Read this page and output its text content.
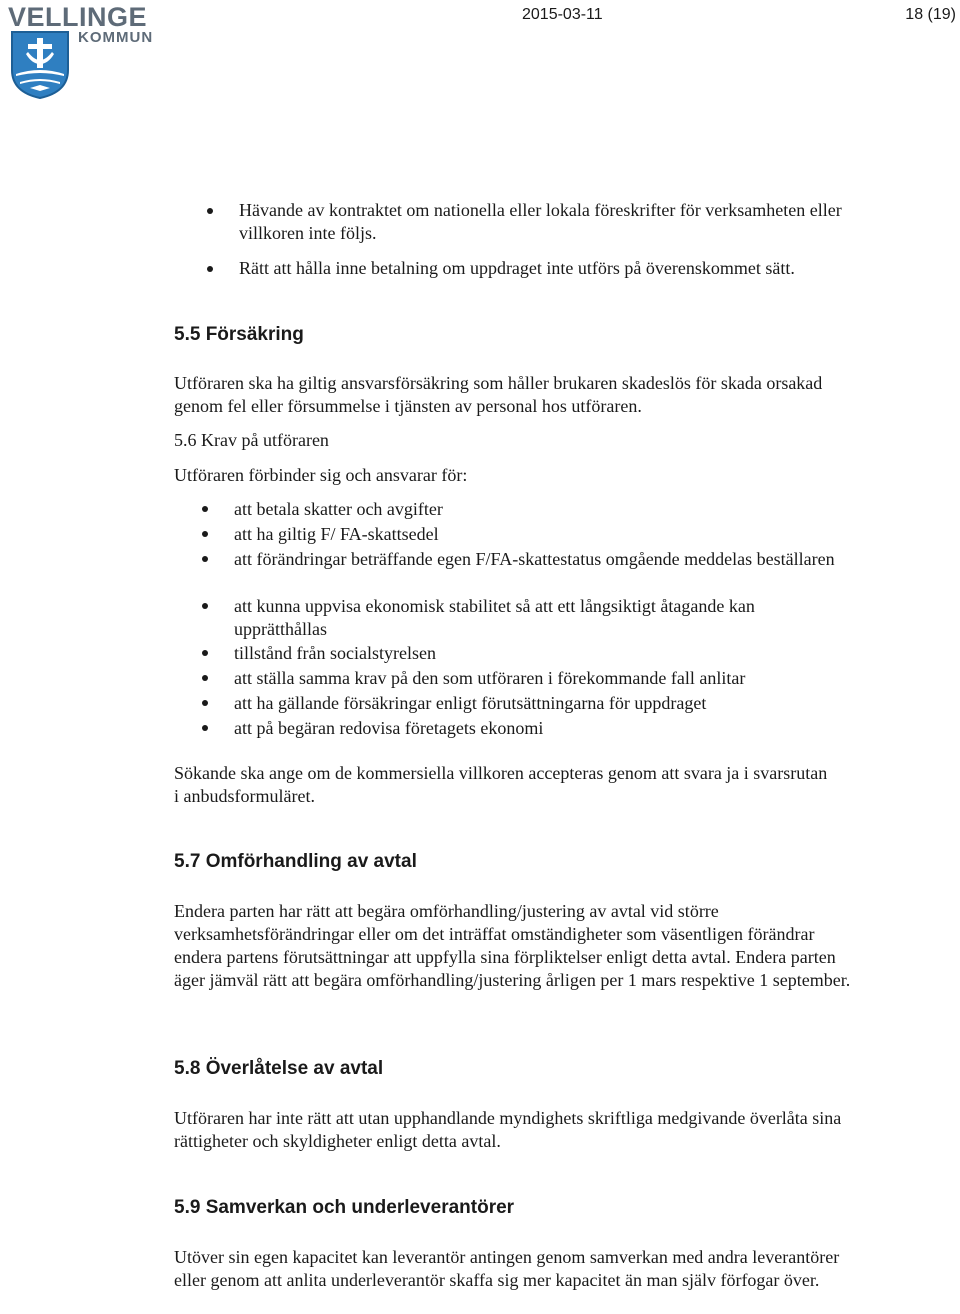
VELLINGE
KOMMUN
2015-03-11	18 (19)
Hävande av kontraktet om nationella eller lokala föreskrifter för verksamheten eller villkoren inte följs.
Rätt att hålla inne betalning om uppdraget inte utförs på överenskommet sätt.
5.5 Försäkring
Utföraren ska ha giltig ansvarsförsäkring som håller brukaren skadeslös för skada orsakad genom fel eller försummelse i tjänsten av personal hos utföraren.
5.6 Krav på utföraren
Utföraren förbinder sig och ansvarar för:
att betala skatter och avgifter
att ha giltig F/ FA-skattsedel
att förändringar beträffande egen F/FA-skattestatus omgående meddelas beställaren
att kunna uppvisa ekonomisk stabilitet så att ett långsiktigt åtagande kan upprätthållas
tillstånd från socialstyrelsen
att ställa samma krav på den som utföraren i förekommande fall anlitar
att ha gällande försäkringar enligt förutsättningarna för uppdraget
att på begäran redovisa företagets ekonomi
Sökande ska ange om de kommersiella villkoren accepteras genom att svara ja i svarsrutan i anbudsformuläret.
5.7 Omförhandling av avtal
Endera parten har rätt att begära omförhandling/justering av avtal vid större verksamhetsförändringar eller om det inträffat omständigheter som väsentligen förändrar endera partens förutsättningar att uppfylla sina förpliktelser enligt detta avtal. Endera parten äger jämväl rätt att begära omförhandling/justering årligen per 1 mars respektive 1 september.
5.8 Överlåtelse av avtal
Utföraren har inte rätt att utan upphandlande myndighets skriftliga medgivande överlåta sina rättigheter och skyldigheter enligt detta avtal.
5.9 Samverkan och underleverantörer
Utöver sin egen kapacitet kan leverantör antingen genom samverkan med andra leverantörer eller genom att anlita underleverantör skaffa sig mer kapacitet än man själv förfogar över.
